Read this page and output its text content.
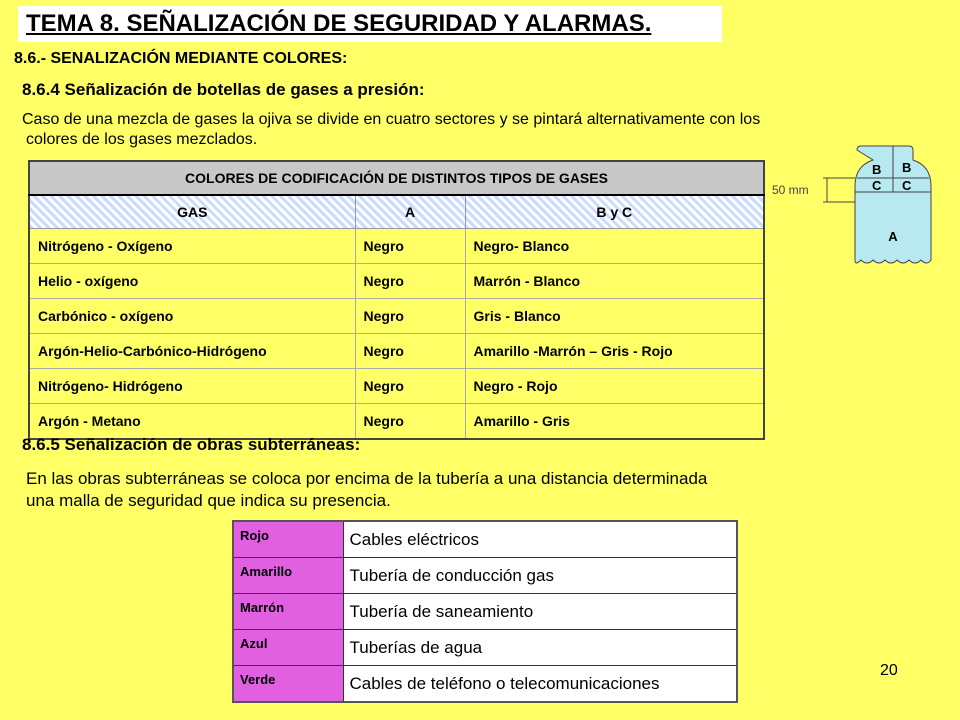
TEMA 8. SEÑALIZACIÓN DE SEGURIDAD Y ALARMAS.
8.6.- SENALIZACIÓN MEDIANTE COLORES:
8.6.4 Señalización de botellas de gases a presión:
Caso de una mezcla de gases la ojiva se divide en cuatro sectores y se pintará alternativamente con los
colores de los gases mezclados.
COLORES DE CODIFICACIÓN DE DISTINTOS TIPOS DE GASES		
GAS	A	B y C
Nitrógeno - Oxígeno	Negro	Negro- Blanco
Helio - oxígeno	Negro	Marrón - Blanco
Carbónico - oxígeno	Negro	Gris - Blanco
Argón-Helio-Carbónico-Hidrógeno	Negro	Amarillo -Marrón – Gris - Rojo
Nitrógeno- Hidrógeno	Negro	Negro - Rojo
Argón - Metano	Negro	Amarillo - Gris
50 mm
B B
C C
A
8.6.5 Señalización de obras subterráneas:
En las obras subterráneas se coloca por encima de la tubería a una distancia determinada
una malla de seguridad que indica su presencia.
Rojo	Cables eléctricos
Amarillo	Tubería de conducción gas
Marrón	Tubería de saneamiento
Azul	Tuberías de agua
Verde	Cables de teléfono o telecomunicaciones
20
